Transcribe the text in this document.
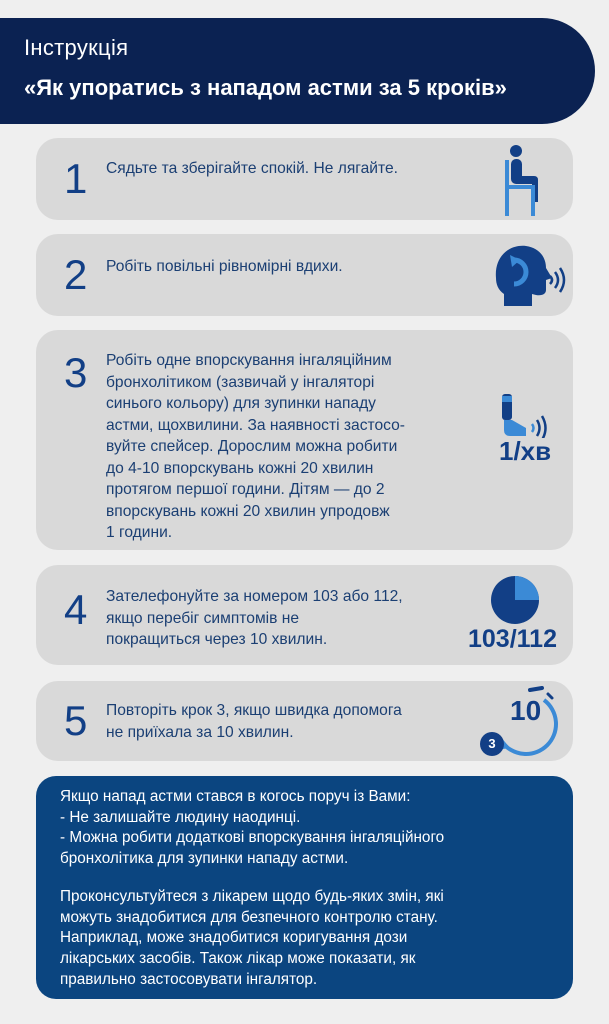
Інструкція
«Як упоратись з нападом астми за 5 кроків»
1 Сядьте та зберігайте спокій. Не лягайте.
2 Робіть повільні рівномірні вдихи.
3 Робіть одне впорскування інгаляційним
бронхолітиком (зазвичай у інгаляторі
синього кольору) для зупинки нападу
астми, щохвилини. За наявності застосо-
вуйте спейсер. Дорослим можна робити
до 4-10 впорскувань кожні 20 хвилин
протягом першої години. Дітям — до 2
впорскувань кожні 20 хвилин упродовж
1 години.
1/хв
4 Зателефонуйте за номером 103 або 112,
якщо перебіг симптомів не
покращиться через 10 хвилин.	103/112
5 Повторіть крок 3, якщо швидка допомога
не приїхала за 10 хвилин.
10
3
Якщо напад астми стався в когось поруч із Вами:
- Не залишайте людину наодинці.
- Можна робити додаткові впорскування інгаляційного
бронхолітика для зупинки нападу астми.
Проконсультуйтеся з лікарем щодо будь-яких змін, які
можуть знадобитися для безпечного контролю стану.
Наприклад, може знадобитися коригування дози
лікарських засобів. Також лікар може показати, як
правильно застосовувати інгалятор.
